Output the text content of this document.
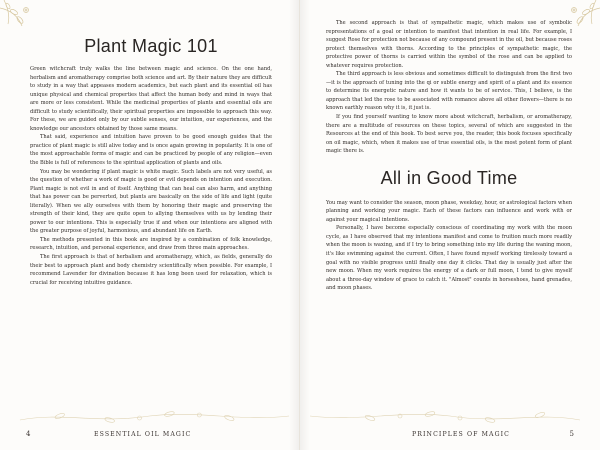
Plant Magic 101

Green witchcraft truly walks the line between magic and science. On the one hand, herbalism and aromatherapy comprise both science and art. By their nature they are difficult to study in a way that appeases modern academics, but each plant and its essential oil has unique physical and chemical properties that affect the human body and mind in ways that are more or less consistent. While the medicinal properties of plants and essential oils are difficult to study scientifically, their spiritual properties are impossible to approach this way. For these, we are guided only by our subtle senses, our intuition, our experiences, and the knowledge our ancestors obtained by those same means.

That said, experience and intuition have proven to be good enough guides that the practice of plant magic is still alive today and is once again growing in popularity. It is one of the most approachable forms of magic and can be practiced by people of any religion—even the Bible is full of references to the spiritual application of plants and oils.

You may be wondering if plant magic is white magic. Such labels are not very useful, as the question of whether a work of magic is good or evil depends on intention and execution. Plant magic is not evil in and of itself. Anything that can heal can also harm, and anything that has power can be perverted, but plants are basically on the side of life and light (quite literally). When we ally ourselves with them by honoring their magic and preserving the strength of their kind, they are quite open to allying themselves with us by lending their power to our intentions. This is especially true if and when our intentions are aligned with the greater purpose of joyful, harmonious, and abundant life on Earth.

The methods presented in this book are inspired by a combination of folk knowledge, research, intuition, and personal experience, and draw from three main approaches.

The first approach is that of herbalism and aromatherapy, which, as fields, generally do their best to approach plant and body chemistry scientifically when possible. For example, I recommend Lavender for divination because it has long been used for relaxation, which is crucial for receiving intuitive guidance.

4	ESSENTIAL OIL MAGIC

The second approach is that of sympathetic magic, which makes use of symbolic representations of a goal or intention to manifest that intention in real life. For example, I suggest Rose for protection not because of any compound present in the oil, but because roses protect themselves with thorns. According to the principles of sympathetic magic, the protective power of thorns is carried within the symbol of the rose and can be applied to whatever requires protection.

The third approach is less obvious and sometimes difficult to distinguish from the first two—it is the approach of tuning into the qi or subtle energy and spirit of a plant and its essence to determine its energetic nature and how it wants to be of service. This, I believe, is the approach that led the rose to be associated with romance above all other flowers—there is no known earthly reason why it is, it just is.

If you find yourself wanting to know more about witchcraft, herbalism, or aromatherapy, there are a multitude of resources on these topics, several of which are suggested in the Resources at the end of this book. To best serve you, the reader, this book focuses specifically on oil magic, which, when it makes use of true essential oils, is the most potent form of plant magic there is.

All in Good Time

You may want to consider the season, moon phase, weekday, hour, or astrological factors when planning and working your magic. Each of these factors can influence and work with or against your magical intentions.

Personally, I have become especially conscious of coordinating my work with the moon cycle, as I have observed that my intentions manifest and come to fruition much more readily when the moon is waxing, and if I try to bring something into my life during the waning moon, it's like swimming against the current. Often, I have found myself working tirelessly toward a goal with no visible progress until finally one day it clicks. That day is usually just after the new moon. When my work requires the energy of a dark or full moon, I tend to give myself about a three-day window of grace to catch it. "Almost" counts in horseshoes, hand grenades, and moon phases.

PRINCIPLES OF MAGIC	5
